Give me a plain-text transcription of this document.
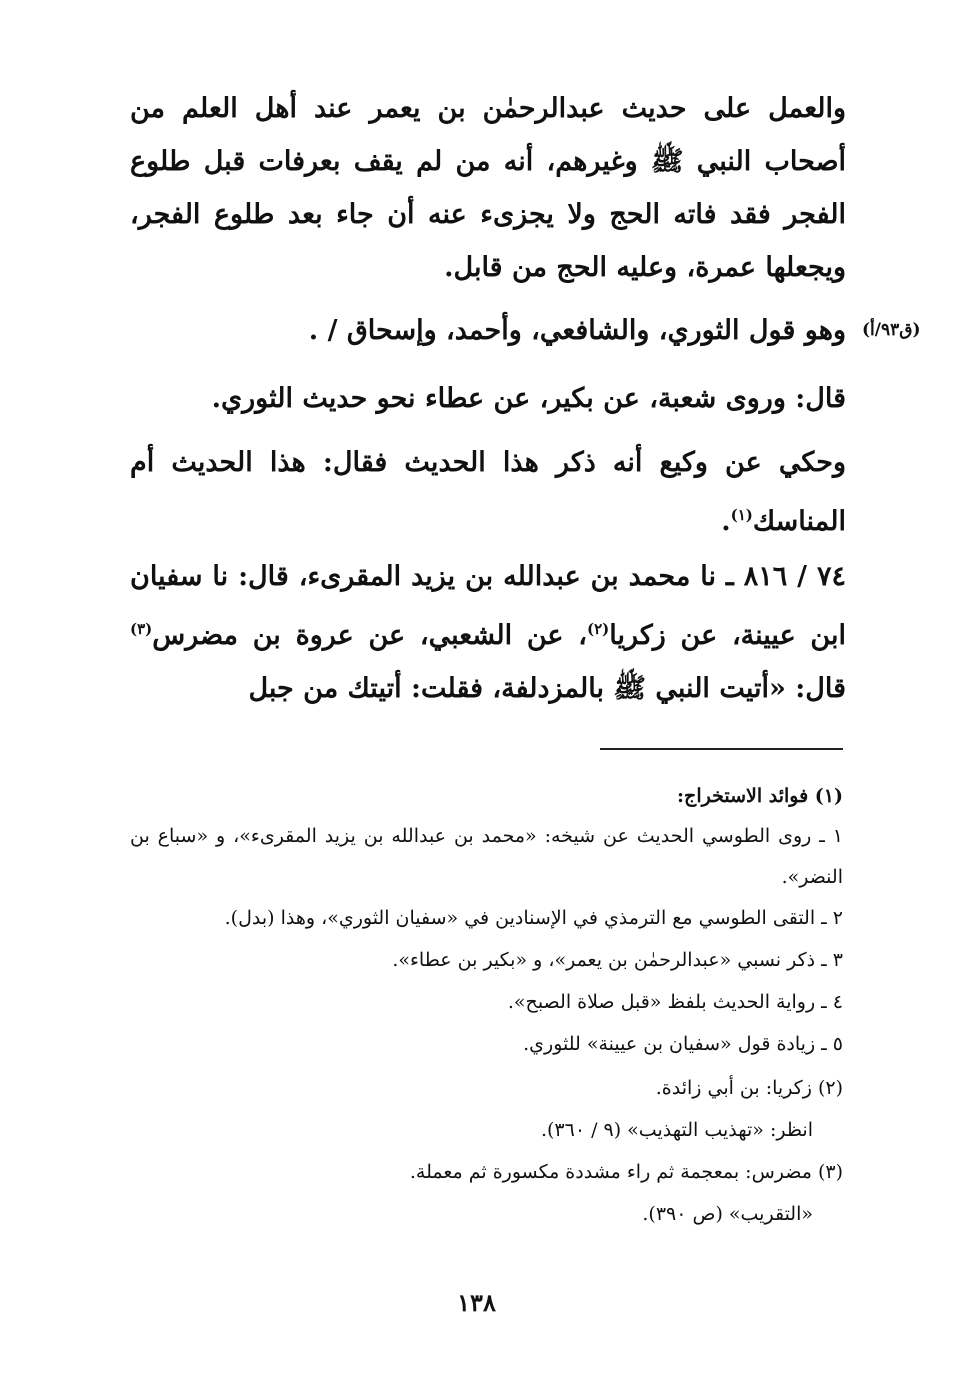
والعمل على حديث عبدالرحمٰن بن يعمر عند أهل العلم من أصحاب النبي ﷺ وغيرهم، أنه من لم يقف بعرفات قبل طلوع الفجر فقد فاته الحج ولا يجزىء عنه أن جاء بعد طلوع الفجر، ويجعلها عمرة، وعليه الحج من قابل.

وهو قول الثوري، والشافعي، وأحمد، وإسحاق / . (ق٩٣/أ)
قال: وروى شعبة، عن بكير، عن عطاء نحو حديث الثوري.

وحكي عن وكيع أنه ذكر هذا الحديث فقال: هذا الحديث أم المناسك$^{(١)}$.

٧٤ / ٨١٦ ـ نا محمد بن عبدالله بن يزيد المقرىء، قال: نا سفيان ابن عيينة، عن زكريا$^{(٢)}$، عن الشعبي، عن عروة بن مضرس$^{(٣)}$ قال: «أتيت النبي ﷺ بالمزدلفة، فقلت: أتيتك من جبل

(١) فوائد الاستخراج:
١ ـ روى الطوسي الحديث عن شيخه: «محمد بن عبدالله بن يزيد المقرىء»، و «سباع بن النضر».
٢ ـ التقى الطوسي مع الترمذي في الإسنادين في «سفيان الثوري»، وهذا (بدل).
٣ ـ ذكر نسبي «عبدالرحمٰن بن يعمر»، و «بكير بن عطاء».
٤ ـ رواية الحديث بلفظ «قبل صلاة الصبح».
٥ ـ زيادة قول «سفيان بن عيينة» للثوري.
(٢) زكريا: بن أبي زائدة.
انظر: «تهذيب التهذيب» (٩ / ٣٦٠).
(٣) مضرس: بمعجمة ثم راء مشددة مكسورة ثم معملة.
«التقريب» (ص ٣٩٠).
١٣٨
